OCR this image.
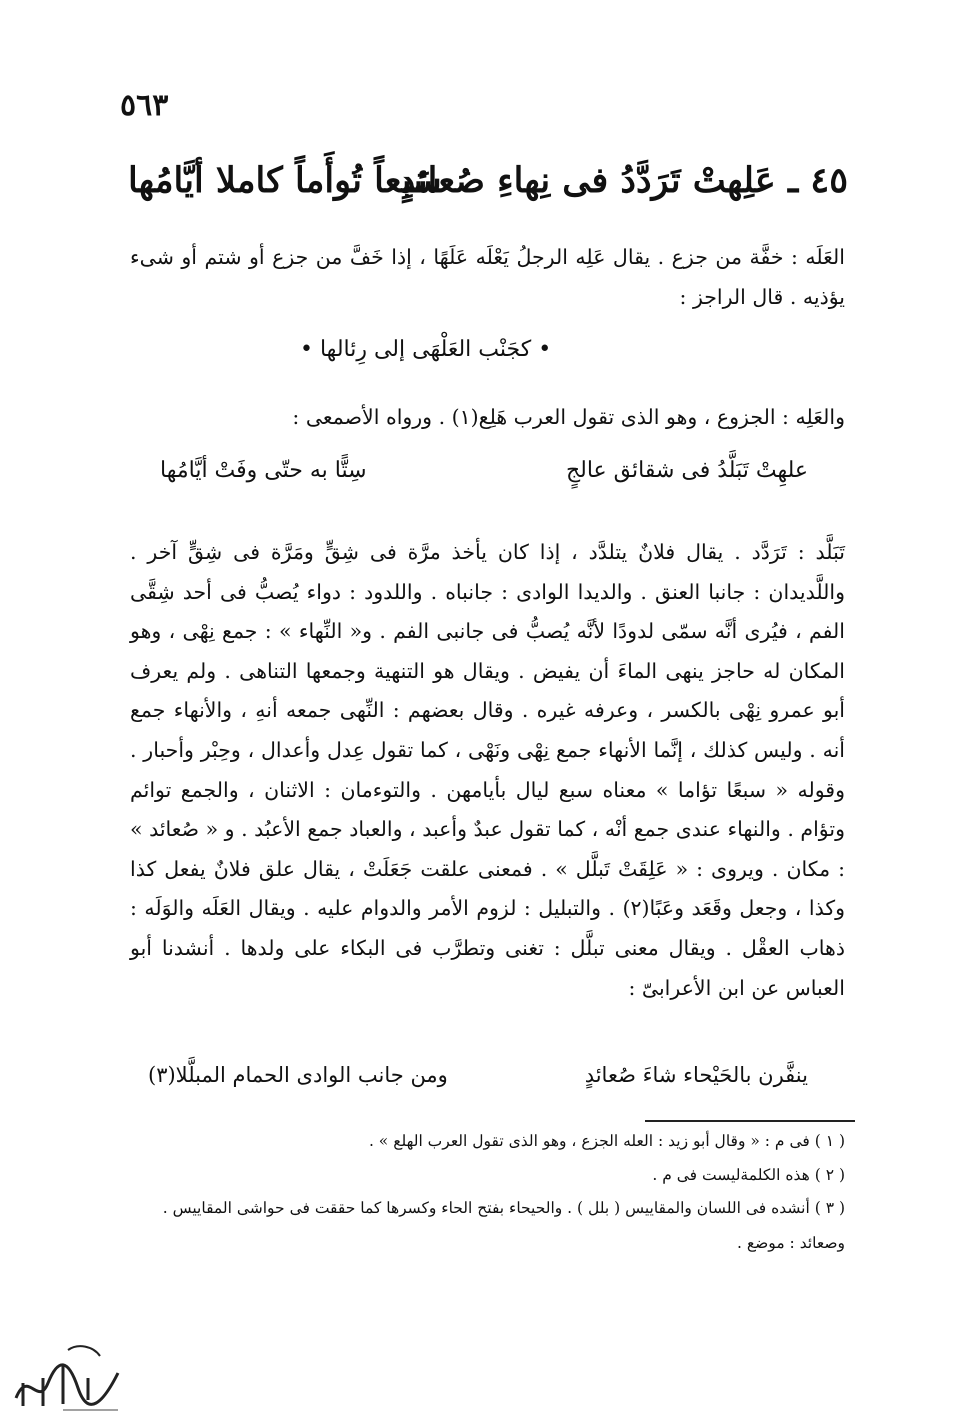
٥٦٣
٤٥ ـ عَلِهتْ تَرَدَّدُ فى نِهاءِ صُعائدٍ
سَبعاً تُوأَماً كاملا أيَّامُها
العَلَه : خفَّة من جزع . يقال عَلِه الرجلُ يَعْلَه عَلَهًا ، إذا خَفَّ من جزع أو شتم أو شىء يؤذيه . قال الراجز :
• كجَنْب العَلْهَى إلى رِئالها •
والعَلِه : الجزوع ، وهو الذى تقول العرب هَلِع(١) . ورواه الأصمعى :
علهِتْ تَبَلَّدُ فى شقائق عالجٍ
سِتًّا به حتّى وفَتْ أيَّامُها
تَبَلَّد : تَرَدَّد . يقال فلانٌ يتلدَّد ، إذا كان يأخذ مرَّة فى شِقٍّ ومَرَّة فى شِقٍّ آخر . واللَّديدان : جانبا العنق . والديدا الوادى : جانباه . واللدود : دواء يُصبُّ فى أحد شِقَّى الفم ، فيُرى أنَّه سمّى لدودًا لأنَّه يُصبُّ فى جانبى الفم . و« النِّهاء » : جمع نِهْى ، وهو المكان له حاجز ينهى الماءَ أن يفيض . ويقال هو التنهية وجمعها التناهى . ولم يعرف أبو عمرو نِهْى بالكسر ، وعرفه غيره . وقال بعضهم : النِّهى جمعه أنهِ ، والأنهاء جمع أنه . وليس كذلك ، إنَّما الأنهاء جمع نِهْى ونَهْى ، كما تقول عِدل وأعدال ، وحِبْر وأحبار . وقوله « سبعًا تؤاما » معناه سبع ليال بأيامهن . والتوءمان : الاثنان ، والجمع توائم وتؤام . والنهاء عندى جمع أنْه ، كما تقول عبدٌ وأعبد ، والعباد جمع الأعبُد . و « صُعائد » : مكان . ويروى : « عَلِقَتْ تَبلَّل » . فمعنى علقت جَعَلَتْ ، يقال علق فلانٌ يفعل كذا وكذا ، وجعل وقَعَد وعَبًا(٢) . والتبليل : لزوم الأمر والدوام عليه . ويقال العَلَه والوَلَه : ذهاب العقْل . ويقال معنى تبلَّل : تغنى وتطرَّب فى البكاء على ولدها . أنشدنا أبو العباس عن ابن الأعرابىّ :
ينفَّرن بالحَيْحاء شاءَ صُعائدٍ
ومن جانب الوادى الحمام المبلَّلا(٣)
( ١ ) فى م : « وقال أبو زيد : العله الجزع ، وهو الذى تقول العرب الهلع » .
( ٢ ) هذه الكلمةليست فى م .
( ٣ ) أنشده فى اللسان والمقاييس ( بلل ) . والحيحاء بفتح الحاء وكسرها كما حققت فى حواشى المقاييس .
وصعائد : موضع .
